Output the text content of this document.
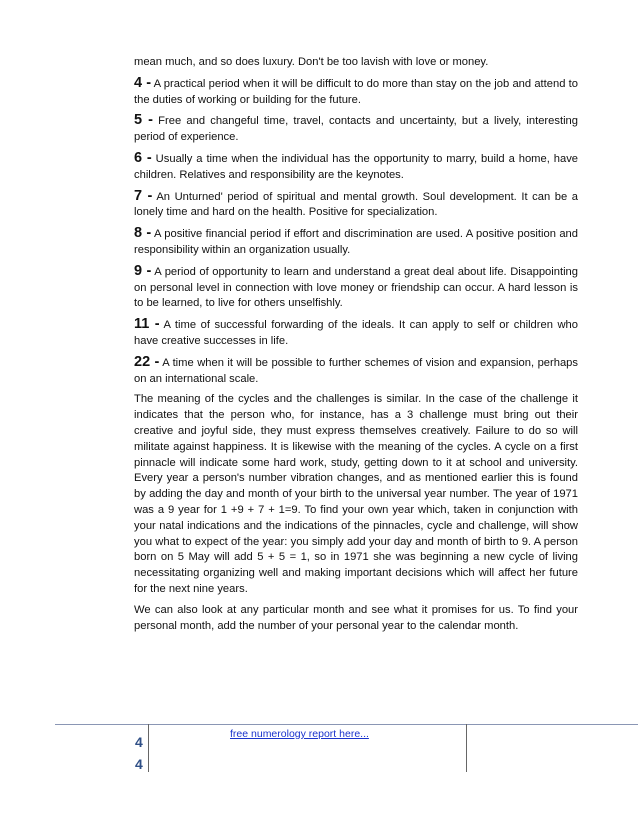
mean much, and so does luxury. Don't be too lavish with love or money.

4 - A practical period when it will be difficult to do more than stay on the job and attend to the duties of working or building for the future.

5 - Free and changeful time, travel, contacts and uncertainty, but a lively, interesting period of experience.

6 - Usually a time when the individual has the opportunity to marry, build a home, have children. Relatives and responsibility are the keynotes.

7 - An Unturned' period of spiritual and mental growth. Soul development. It can be a lonely time and hard on the health. Positive for specialization.

8 - A positive financial period if effort and discrimination are used. A positive position and responsibility within an organization usually.

9 - A period of opportunity to learn and understand a great deal about life. Disappointing on personal level in connection with love money or friendship can occur. A hard lesson is to be learned, to live for others unselfishly.

11 - A time of successful forwarding of the ideals. It can apply to self or children who have creative successes in life.

22 - A time when it will be possible to further schemes of vision and expansion, perhaps on an international scale.

The meaning of the cycles and the challenges is similar. In the case of the challenge it indicates that the person who, for instance, has a 3 challenge must bring out their creative and joyful side, they must express themselves creatively. Failure to do so will militate against happiness. It is likewise with the meaning of the cycles. A cycle on a first pinnacle will indicate some hard work, study, getting down to it at school and university. Every year a person's number vibration changes, and as mentioned earlier this is found by adding the day and month of your birth to the universal year number. The year of 1971 was a 9 year for 1 +9 + 7 + 1=9. To find your own year which, taken in conjunction with your natal indications and the indications of the pinnacles, cycle and challenge, will show you what to expect of the year: you simply add your day and month of birth to 9. A person born on 5 May will add 5 + 5 = 1, so in 1971 she was beginning a new cycle of living necessitating organizing well and making important decisions which will affect her future for the next nine years.

We can also look at any particular month and see what it promises for us. To find your personal month, add the number of your personal year to the calendar month.

4
4
free numerology report here...
